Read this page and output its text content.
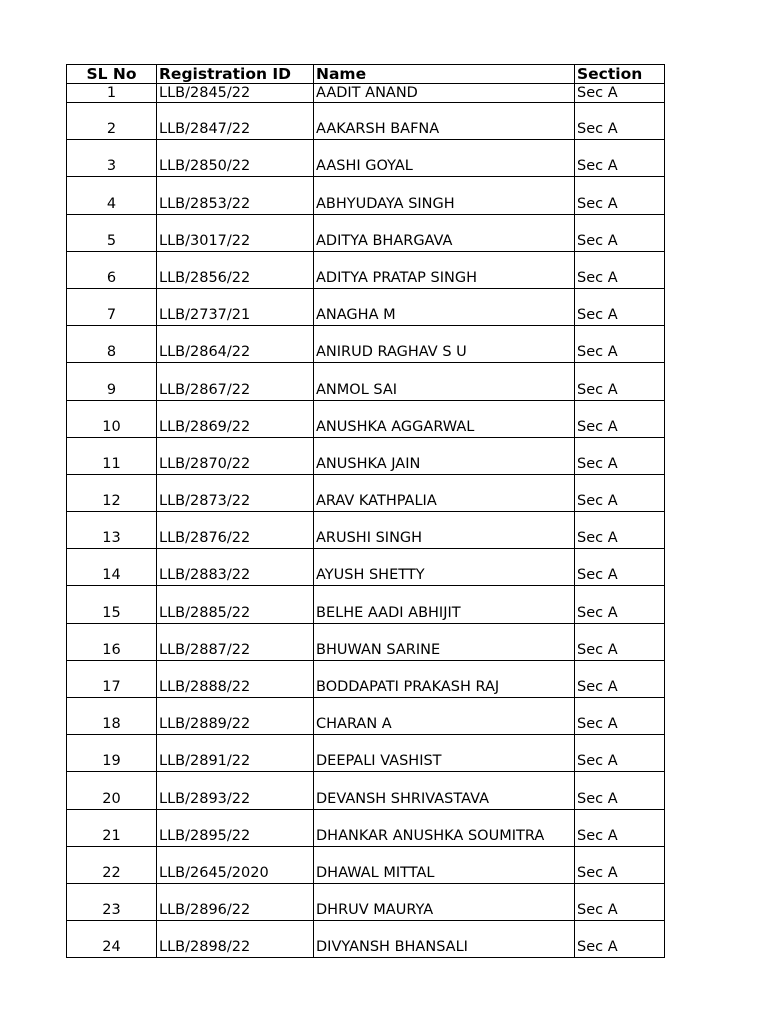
SL No	Registration ID	Name	Section
1	LLB/2845/22	AADIT ANAND	Sec A
2	LLB/2847/22	AAKARSH BAFNA	Sec A
3	LLB/2850/22	AASHI GOYAL	Sec A
4	LLB/2853/22	ABHYUDAYA SINGH	Sec A
5	LLB/3017/22	ADITYA BHARGAVA	Sec A
6	LLB/2856/22	ADITYA PRATAP SINGH	Sec A
7	LLB/2737/21	ANAGHA M	Sec A
8	LLB/2864/22	ANIRUD RAGHAV S U	Sec A
9	LLB/2867/22	ANMOL SAI	Sec A
10	LLB/2869/22	ANUSHKA AGGARWAL	Sec A
11	LLB/2870/22	ANUSHKA JAIN	Sec A
12	LLB/2873/22	ARAV KATHPALIA	Sec A
13	LLB/2876/22	ARUSHI SINGH	Sec A
14	LLB/2883/22	AYUSH SHETTY	Sec A
15	LLB/2885/22	BELHE AADI ABHIJIT	Sec A
16	LLB/2887/22	BHUWAN SARINE	Sec A
17	LLB/2888/22	BODDAPATI PRAKASH RAJ	Sec A
18	LLB/2889/22	CHARAN A	Sec A
19	LLB/2891/22	DEEPALI VASHIST	Sec A
20	LLB/2893/22	DEVANSH SHRIVASTAVA	Sec A
21	LLB/2895/22	DHANKAR ANUSHKA SOUMITRA	Sec A
22	LLB/2645/2020	DHAWAL MITTAL	Sec A
23	LLB/2896/22	DHRUV MAURYA	Sec A
24	LLB/2898/22	DIVYANSH BHANSALI	Sec A
